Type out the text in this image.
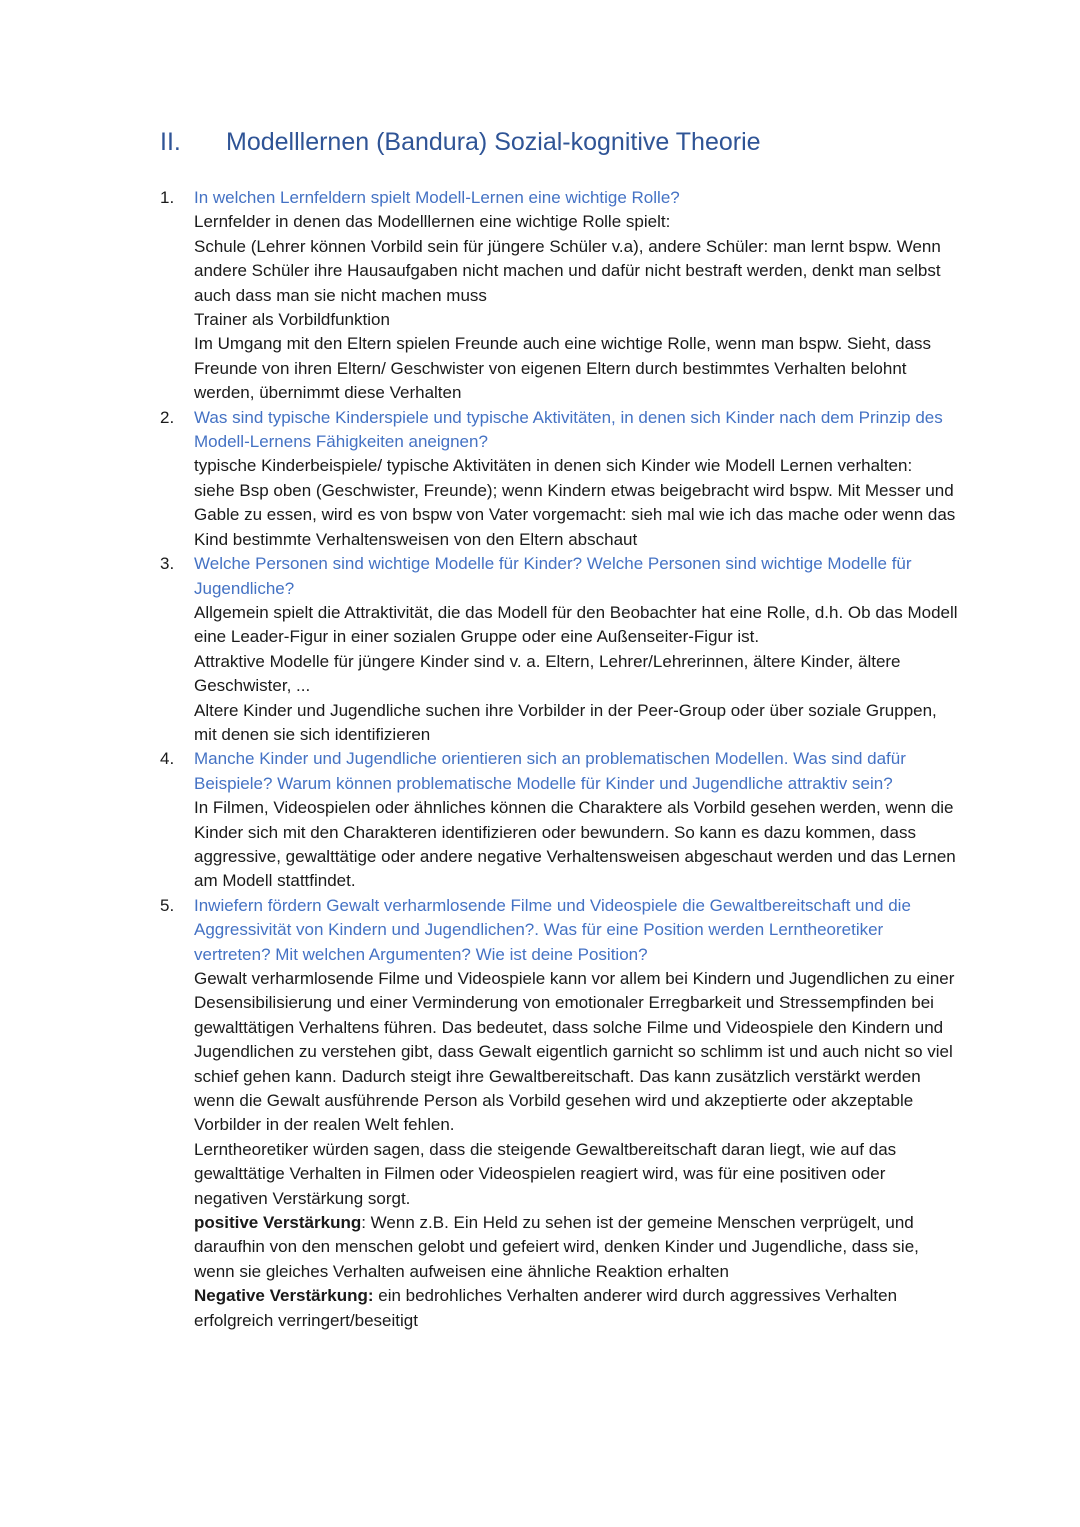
II.	Modelllernen (Bandura) Sozial-kognitive Theorie
1.	In welchen Lernfeldern spielt Modell-Lernen eine wichtige Rolle?

Lernfelder in denen das Modelllernen eine wichtige Rolle spielt:

Schule (Lehrer können Vorbild sein für jüngere Schüler v.a), andere Schüler: man lernt bspw. Wenn andere Schüler ihre Hausaufgaben nicht machen und dafür nicht bestraft werden, denkt man selbst auch dass man sie nicht machen muss

Trainer als Vorbildfunktion

Im Umgang mit den Eltern spielen Freunde auch eine wichtige Rolle, wenn man bspw. Sieht, dass Freunde von ihren Eltern/ Geschwister von eigenen Eltern durch bestimmtes Verhalten belohnt werden, übernimmt diese Verhalten

2.	Was sind typische Kinderspiele und typische Aktivitäten, in denen sich Kinder nach dem Prinzip des Modell-Lernens Fähigkeiten aneignen?

typische Kinderbeispiele/ typische Aktivitäten in denen sich Kinder wie Modell Lernen verhalten:

siehe Bsp oben (Geschwister, Freunde); wenn Kindern etwas beigebracht wird bspw. Mit Messer und Gable zu essen, wird es von bspw von Vater vorgemacht: sieh mal wie ich das mache oder wenn das Kind bestimmte Verhaltensweisen von den Eltern abschaut

3.	Welche Personen sind wichtige Modelle für Kinder? Welche Personen sind wichtige Modelle für Jugendliche?

Allgemein spielt die Attraktivität, die das Modell für den Beobachter hat eine Rolle, d.h. Ob das Modell eine Leader-Figur in einer sozialen Gruppe oder eine Außenseiter-Figur ist.

Attraktive Modelle für jüngere Kinder sind v. a. Eltern, Lehrer/Lehrerinnen, ältere Kinder, ältere Geschwister, ...

Altere Kinder und Jugendliche suchen ihre Vorbilder in der Peer-Group oder über soziale Gruppen, mit denen sie sich identifizieren

4.	Manche Kinder und Jugendliche orientieren sich an problematischen Modellen. Was sind dafür Beispiele? Warum können problematische Modelle für Kinder und Jugendliche attraktiv sein?

In Filmen, Videospielen oder ähnliches können die Charaktere als Vorbild gesehen werden, wenn die Kinder sich mit den Charakteren identifizieren oder bewundern. So kann es dazu kommen, dass aggressive, gewalttätige oder andere negative Verhaltensweisen abgeschaut werden und das Lernen am Modell stattfindet.

5.	Inwiefern fördern Gewalt verharmlosende Filme und Videospiele die Gewaltbereitschaft und die Aggressivität von Kindern und Jugendlichen?. Was für eine Position werden Lerntheoretiker vertreten? Mit welchen Argumenten? Wie ist deine Position?

Gewalt verharmlosende Filme und Videospiele kann vor allem bei Kindern und Jugendlichen zu einer Desensibilisierung und einer Verminderung von emotionaler Erregbarkeit und Stressempfinden bei gewalttätigen Verhaltens führen. Das bedeutet, dass solche Filme und Videospiele den Kindern und Jugendlichen zu verstehen gibt, dass Gewalt eigentlich garnicht so schlimm ist und auch nicht so viel schief gehen kann. Dadurch steigt ihre Gewaltbereitschaft. Das kann zusätzlich verstärkt werden wenn die Gewalt ausführende Person als Vorbild gesehen wird und akzeptierte oder akzeptable Vorbilder in der realen Welt fehlen.

Lerntheoretiker würden sagen, dass die steigende Gewaltbereitschaft daran liegt, wie auf das gewalttätige Verhalten in Filmen oder Videospielen reagiert wird, was für eine positiven oder negativen Verstärkung sorgt.

positive Verstärkung: Wenn z.B. Ein Held zu sehen ist der gemeine Menschen verprügelt, und daraufhin von den menschen gelobt und gefeiert wird, denken Kinder und Jugendliche, dass sie, wenn sie gleiches Verhalten aufweisen eine ähnliche Reaktion erhalten

Negative Verstärkung: ein bedrohliches Verhalten anderer wird durch aggressives Verhalten erfolgreich verringert/beseitigt
